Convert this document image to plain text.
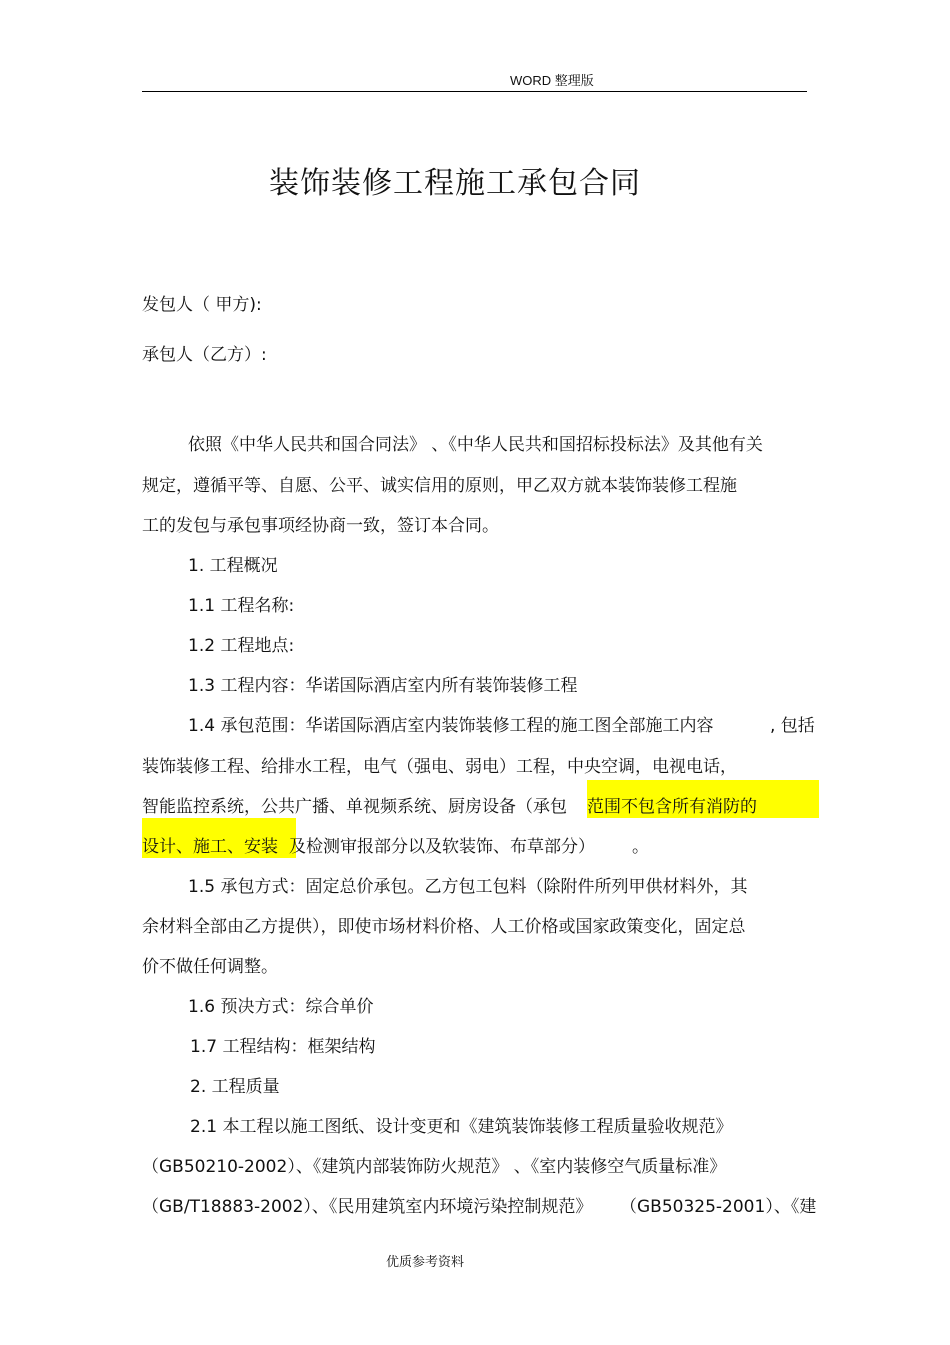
WORD 整理版
装饰装修工程施工承包合同
发包人（ 甲方):
承包人（乙方）:
依照《中华人民共和国合同法》 、《中华人民共和国招标投标法》及其他有关
规定，遵循平等、自愿、公平、诚实信用的原则，甲乙双方就本装饰装修工程施
工的发包与承包事项经协商一致，签订本合同。
1. 工程概况
1.1 工程名称:
1.2 工程地点:
1.3 工程内容：华诺国际酒店室内所有装饰装修工程
1.4 承包范围：华诺国际酒店室内装饰装修工程的施工图全部施工内容	, 包括
装饰装修工程、给排水工程，电气（强电、弱电）工程，中央空调，电视电话，
智能监控系统，公共广播、单视频系统、厨房设备（承包 范围不包含所有消防的
设计、施工、安装 及检测审报部分以及软装饰、布草部分） 。
1.5 承包方式：固定总价承包。乙方包工包料（除附件所列甲供材料外，其
余材料全部由乙方提供），即使市场材料价格、人工价格或国家政策变化，固定总
价不做任何调整。
1.6 预决方式：综合单价
1.7 工程结构：框架结构
2. 工程质量
2.1 本工程以施工图纸、设计变更和《建筑装饰装修工程质量验收规范》
（GB50210-2002）、《建筑内部装饰防火规范》 、《室内装修空气质量标准》
（GB/T18883-2002）、《民用建筑室内环境污染控制规范》 （GB50325-2001）、《建
优质参考资料
